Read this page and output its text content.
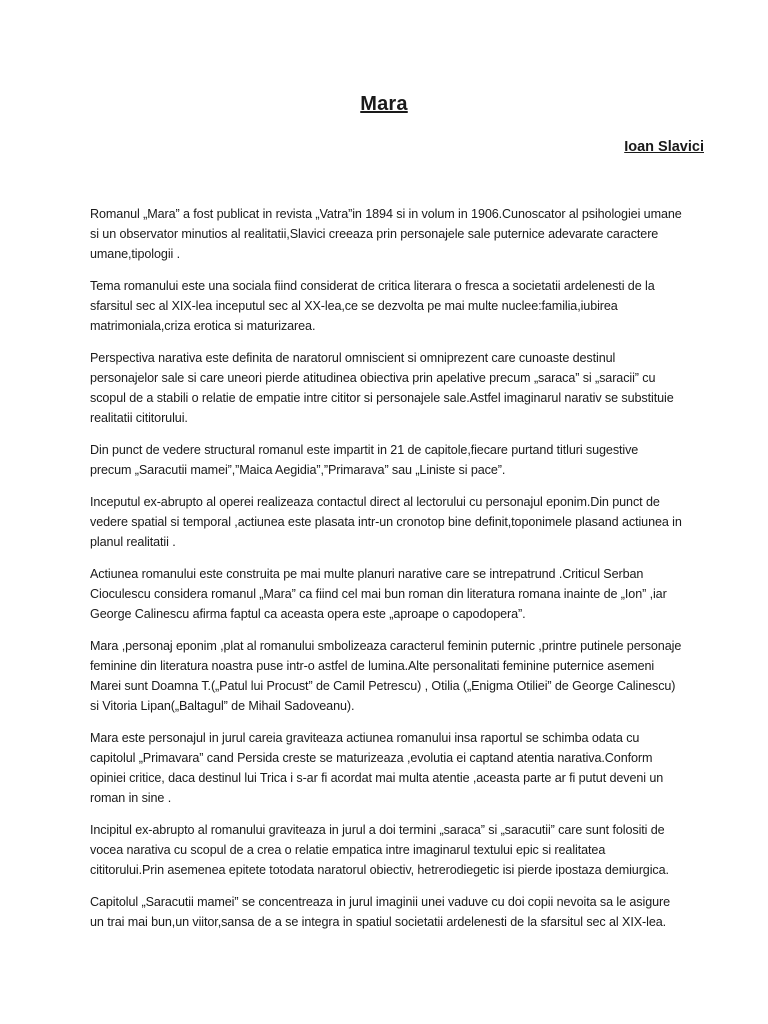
Mara
Ioan Slavici

Romanul „Mara” a fost publicat in revista „Vatra”in 1894 si in volum in 1906.Cunoscator al psihologiei umane si un observator minutios al realitatii,Slavici creeaza prin personajele sale puternice adevarate caractere umane,tipologii .

Tema romanului este una sociala fiind considerat de critica literara o fresca a societatii ardelenesti de la sfarsitul sec al XIX-lea inceputul sec al XX-lea,ce se dezvolta pe mai multe nuclee:familia,iubirea matrimoniala,criza erotica si maturizarea.

Perspectiva narativa este definita de naratorul omniscient si omniprezent care cunoaste destinul personajelor sale si care uneori pierde atitudinea obiectiva prin apelative precum „saraca” si „saracii” cu scopul de a stabili o relatie de empatie intre cititor si personajele sale.Astfel imaginarul narativ se substituie realitatii cititorului.

Din punct de vedere structural romanul este impartit in 21 de capitole,fiecare purtand titluri sugestive precum „Saracutii mamei”,”Maica Aegidia”,”Primarava” sau „Liniste si pace”.

Inceputul ex-abrupto al operei realizeaza contactul direct al lectorului cu personajul eponim.Din punct de vedere spatial si temporal ,actiunea este plasata intr-un cronotop bine definit,toponimele plasand actiunea in planul realitatii .

Actiunea romanului este construita pe mai multe planuri narative care se intrepatrund .Criticul Serban Cioculescu considera romanul „Mara” ca fiind cel mai bun roman din literatura romana inainte de „Ion” ,iar George Calinescu afirma faptul ca aceasta opera este „aproape o capodopera”.

Mara ,personaj eponim ,plat al romanului smbolizeaza caracterul feminin puternic ,printre putinele personaje feminine din literatura noastra puse intr-o astfel de lumina.Alte personalitati feminine puternice asemeni Marei sunt Doamna T.(„Patul lui Procust” de Camil Petrescu) , Otilia („Enigma Otiliei” de George Calinescu) si Vitoria Lipan(„Baltagul” de Mihail Sadoveanu).

Mara este personajul in jurul careia graviteaza actiunea romanului insa raportul se schimba odata cu capitolul „Primavara” cand Persida creste se maturizeaza ,evolutia ei captand atentia narativa.Conform opiniei critice, daca destinul lui Trica i s-ar fi acordat mai multa atentie ,aceasta parte ar fi putut deveni un roman in sine .

Incipitul ex-abrupto al romanului graviteaza in jurul a doi termini „saraca” si „saracutii” care sunt folositi de vocea narativa cu scopul de a crea o relatie empatica intre imaginarul textului epic si realitatea cititorului.Prin asemenea epitete totodata naratorul obiectiv, hetrerodiegetic isi pierde ipostaza demiurgica.

Capitolul „Saracutii mamei” se concentreaza in jurul imaginii unei vaduve cu doi copii nevoita sa le asigure un trai mai bun,un viitor,sansa de a se integra in spatiul societatii ardelenesti de la sfarsitul sec al XIX-lea.
